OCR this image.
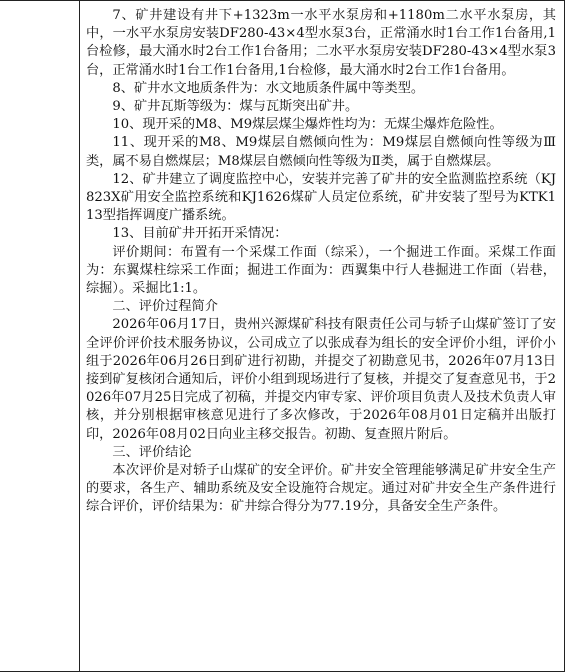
7、矿井建设有井下+1323m一水平水泵房和+1180m二水平水泵房，其中，一水平水泵房安装DF280-43×4型水泵3台，正常涌水时1台工作1台备用,1台检修，最大涌水时2台工作1台备用；二水平水泵房安装DF280-43×4型水泵3台，正常涌水时1台工作1台备用,1台检修，最大涌水时2台工作1台备用。

8、矿井水文地质条件为：水文地质条件属中等类型。

9、矿井瓦斯等级为：煤与瓦斯突出矿井。

10、现开采的M8、M9煤层煤尘爆炸性均为：无煤尘爆炸危险性。

11、现开采的M8、M9煤层自燃倾向性为：M9煤层自燃倾向性等级为Ⅲ类，属不易自燃煤层；M8煤层自燃倾向性等级为Ⅱ类，属于自燃煤层。

12、矿井建立了调度监控中心，安装并完善了矿井的安全监测监控系统（KJ823X矿用安全监控系统和KJ1626煤矿人员定位系统，矿井安装了型号为KTK113型指挥调度广播系统。

13、目前矿井开拓开采情况：

评价期间：布置有一个采煤工作面（综采），一个掘进工作面。采煤工作面为：东翼煤柱综采工作面；掘进工作面为：西翼集中行人巷掘进工作面（岩巷，综掘）。采掘比1:1。

二、评价过程简介

2026年06月17日，贵州兴源煤矿科技有限责任公司与轿子山煤矿签订了安全评价评价技术服务协议，公司成立了以张成春为组长的安全评价小组，评价小组于2026年06月26日到矿进行初勘，并提交了初勘意见书，2026年07月13日接到矿复核闭合通知后，评价小组到现场进行了复核，并提交了复查意见书，于2026年07月25日完成了初稿，并提交内审专家、评价项目负责人及技术负责人审核，并分别根据审核意见进行了多次修改，于2026年08月01日定稿并出版打印，2026年08月02日向业主移交报告。初勘、复查照片附后。

三、评价结论

本次评价是对轿子山煤矿的安全评价。矿井安全管理能够满足矿井安全生产的要求，各生产、辅助系统及安全设施符合规定。通过对矿井安全生产条件进行综合评价，评价结果为：矿井综合得分为77.19分，具备安全生产条件。
